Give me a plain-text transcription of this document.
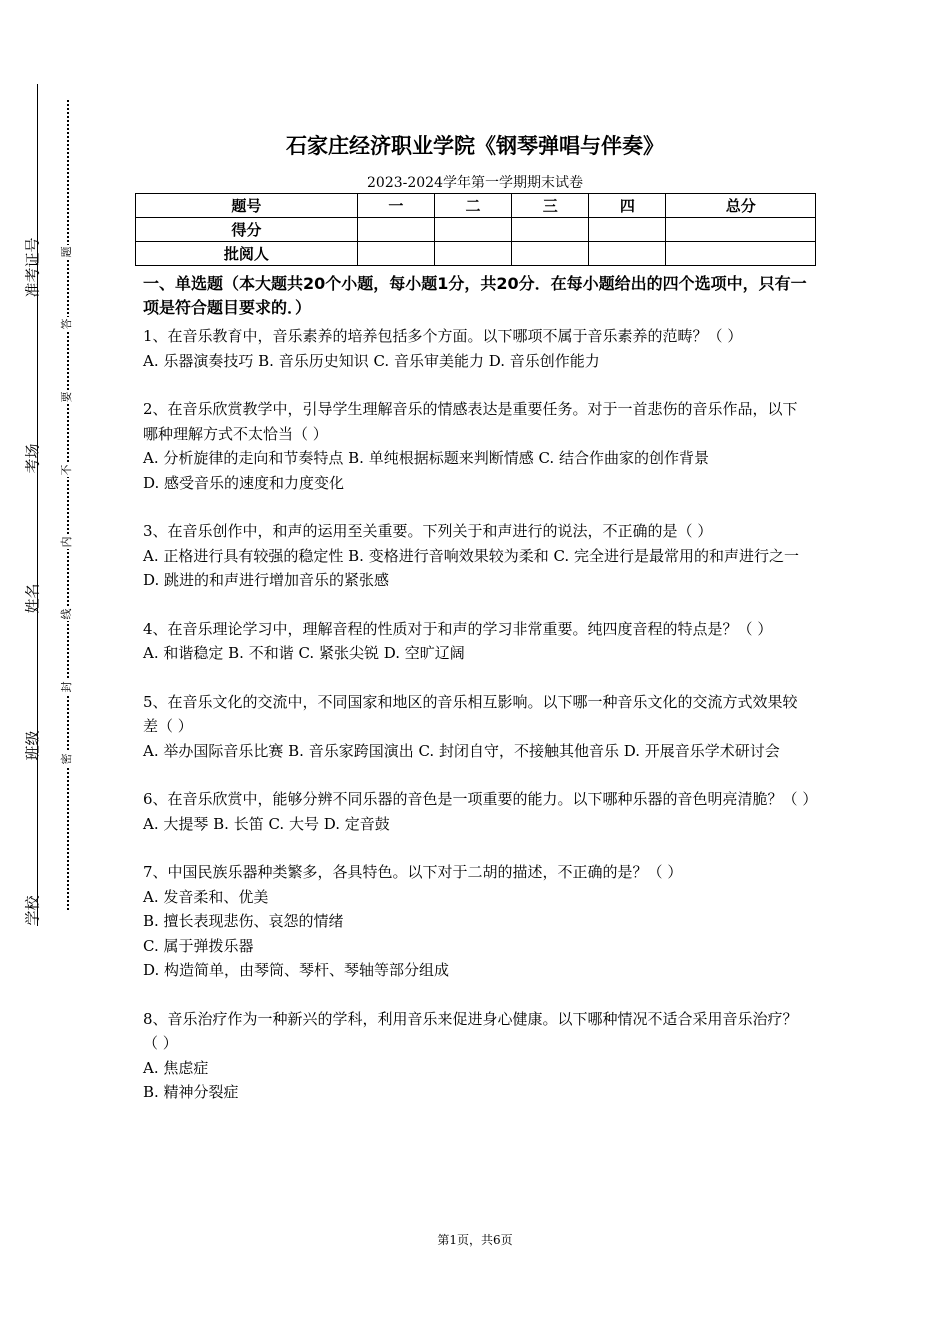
准考证号
考场
姓名
班级
学校
题
答
要
不
内
线
封
密
石家庄经济职业学院《钢琴弹唱与伴奏》
2023-2024学年第一学期期末试卷
题号	一	二	三	四	总分
得分					
批阅人					
一、单选题（本大题共20个小题，每小题1分，共20分．在每小题给出的四个选项中，只有一项是符合题目要求的．）
1、在音乐教育中，音乐素养的培养包括多个方面。以下哪项不属于音乐素养的范畴？（ ）
A. 乐器演奏技巧 B. 音乐历史知识 C. 音乐审美能力 D. 音乐创作能力
2、在音乐欣赏教学中，引导学生理解音乐的情感表达是重要任务。对于一首悲伤的音乐作品，以下哪种理解方式不太恰当（ ）
A. 分析旋律的走向和节奏特点 B. 单纯根据标题来判断情感 C. 结合作曲家的创作背景
D. 感受音乐的速度和力度变化
3、在音乐创作中，和声的运用至关重要。下列关于和声进行的说法，不正确的是（ ）
A. 正格进行具有较强的稳定性 B. 变格进行音响效果较为柔和 C. 完全进行是最常用的和声进行之一 D. 跳进的和声进行增加音乐的紧张感
4、在音乐理论学习中，理解音程的性质对于和声的学习非常重要。纯四度音程的特点是？（ ）
A. 和谐稳定 B. 不和谐 C. 紧张尖锐 D. 空旷辽阔
5、在音乐文化的交流中，不同国家和地区的音乐相互影响。以下哪一种音乐文化的交流方式效果较差（ ）
A. 举办国际音乐比赛 B. 音乐家跨国演出 C. 封闭自守，不接触其他音乐 D. 开展音乐学术研讨会
6、在音乐欣赏中，能够分辨不同乐器的音色是一项重要的能力。以下哪种乐器的音色明亮清脆？（ ）
A. 大提琴 B. 长笛 C. 大号 D. 定音鼓
7、中国民族乐器种类繁多，各具特色。以下对于二胡的描述，不正确的是？（ ）
A. 发音柔和、优美
B. 擅长表现悲伤、哀怨的情绪
C. 属于弹拨乐器
D. 构造简单，由琴筒、琴杆、琴轴等部分组成
8、音乐治疗作为一种新兴的学科，利用音乐来促进身心健康。以下哪种情况不适合采用音乐治疗？（ ）
A. 焦虑症
B. 精神分裂症
第1页，共6页
